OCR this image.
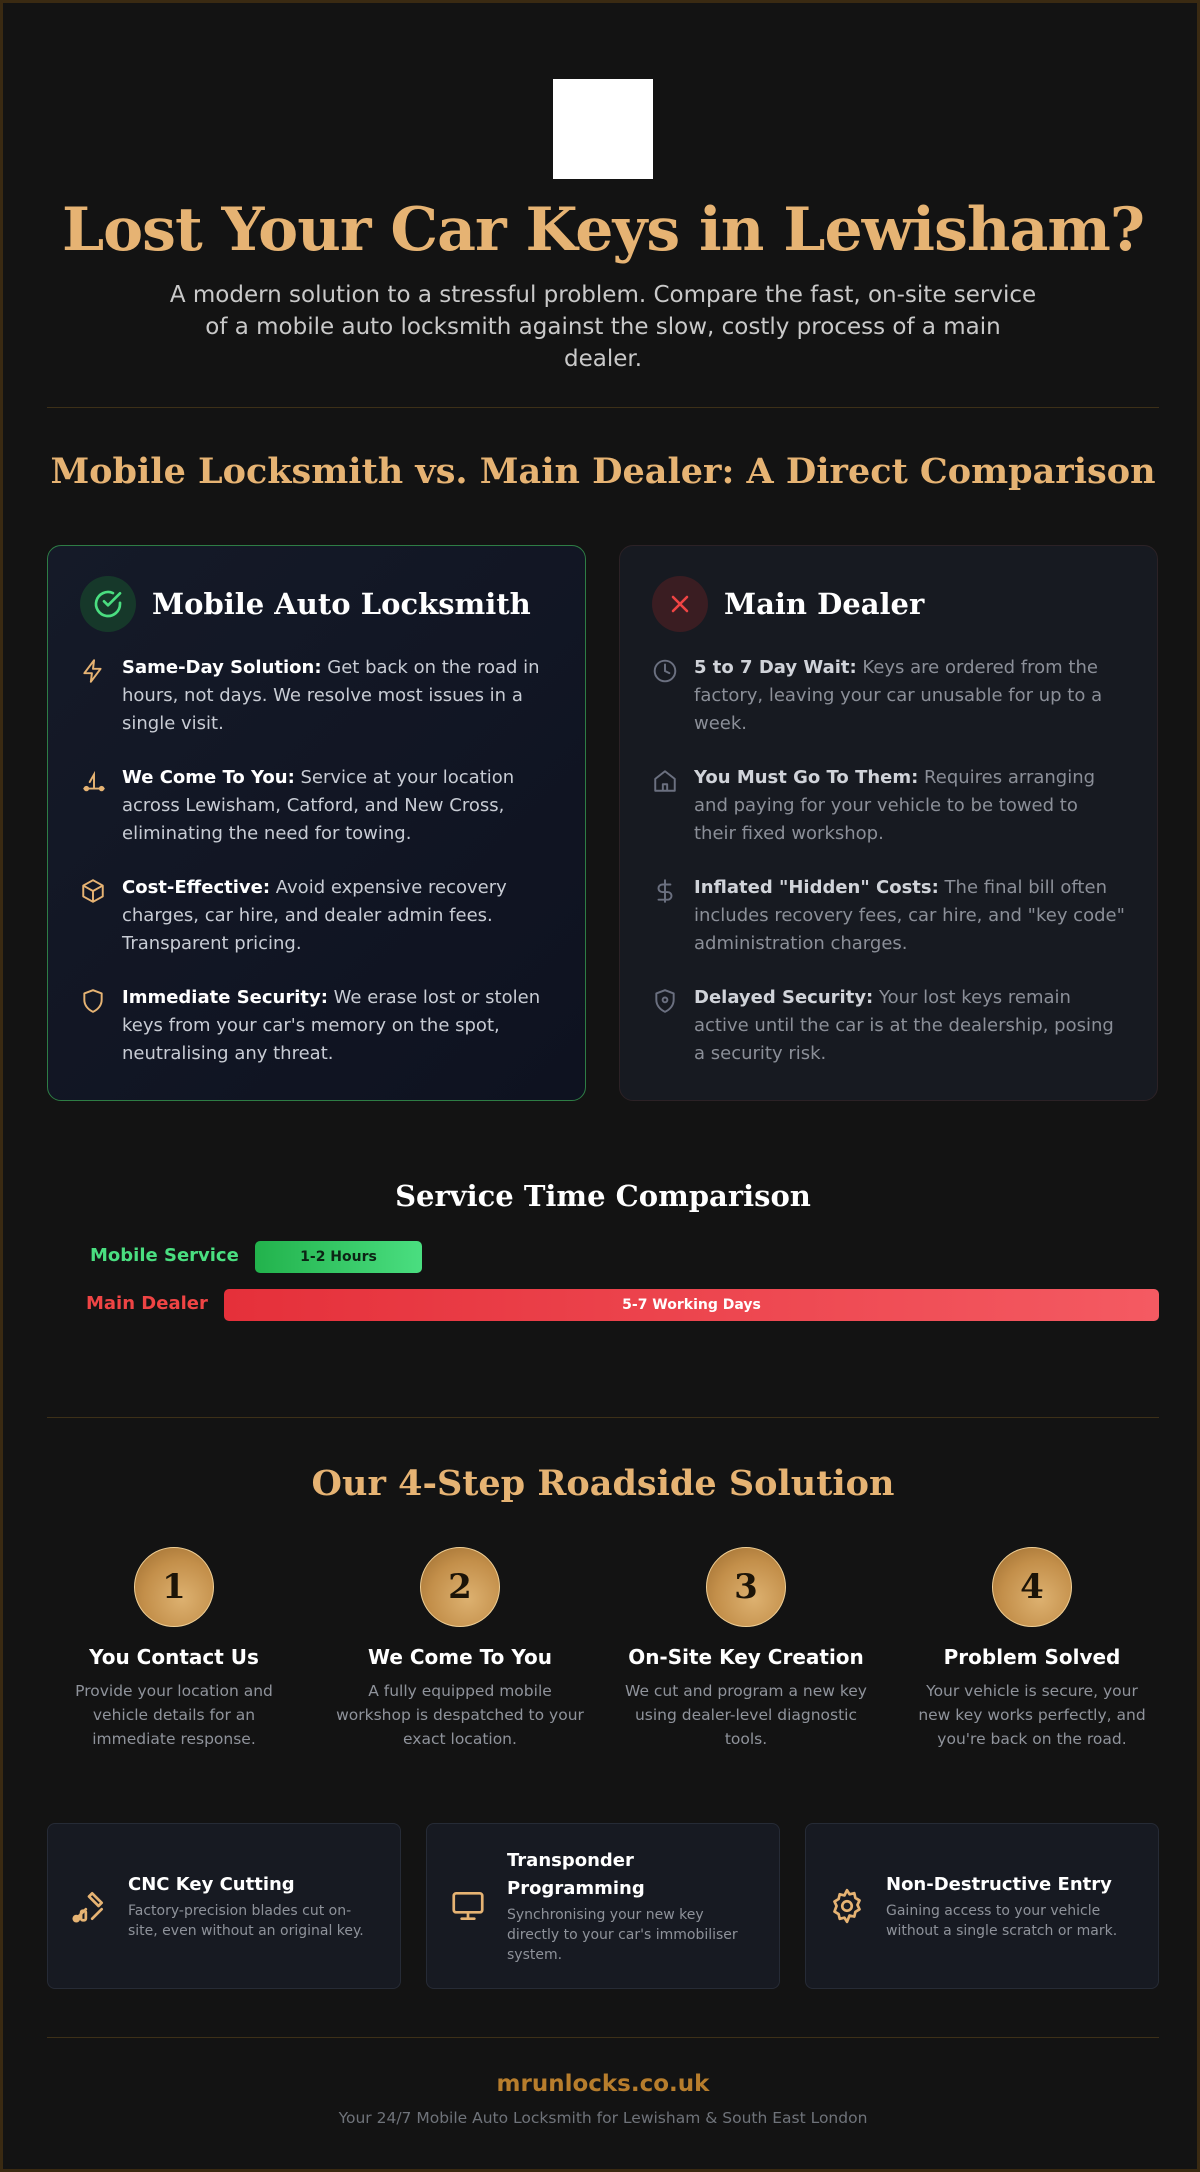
Lost Your Car Keys in Lewisham?

A modern solution to a stressful problem. Compare the fast, on-site service of a mobile auto locksmith against the slow, costly process of a main dealer.

Mobile Locksmith vs. Main Dealer: A Direct Comparison
Mobile Auto Locksmith

Same-Day Solution: Get back on the road in hours, not days. We resolve most issues in a single visit.

We Come To You: Service at your location across Lewisham, Catford, and New Cross, eliminating the need for towing.

Cost-Effective: Avoid expensive recovery charges, car hire, and dealer admin fees. Transparent pricing.

Immediate Security: We erase lost or stolen keys from your car's memory on the spot, neutralising any threat.

Main Dealer

5 to 7 Day Wait: Keys are ordered from the factory, leaving your car unusable for up to a week.

You Must Go To Them: Requires arranging and paying for your vehicle to be towed to their fixed workshop.

Inflated "Hidden" Costs: The final bill often includes recovery fees, car hire, and "key code" administration charges.

Delayed Security: Your lost keys remain active until the car is at the dealership, posing a security risk.

Service Time Comparison
Mobile Service	1-2 Hours
Main Dealer	5-7 Working Days
Our 4-Step Roadside Solution
1
You Contact Us
Provide your location and vehicle details for an immediate response.
2
We Come To You
A fully equipped mobile workshop is despatched to your exact location.
3
On-Site Key Creation
We cut and program a new key using dealer-level diagnostic tools.
4
Problem Solved
Your vehicle is secure, your new key works perfectly, and you're back on the road.
CNC Key Cutting
Factory-precision blades cut on-site, even without an original key.
Transponder Programming
Synchronising your new key directly to your car's immobiliser system.
Non-Destructive Entry
Gaining access to your vehicle without a single scratch or mark.
mrunlocks.co.uk
Your 24/7 Mobile Auto Locksmith for Lewisham & South East London
